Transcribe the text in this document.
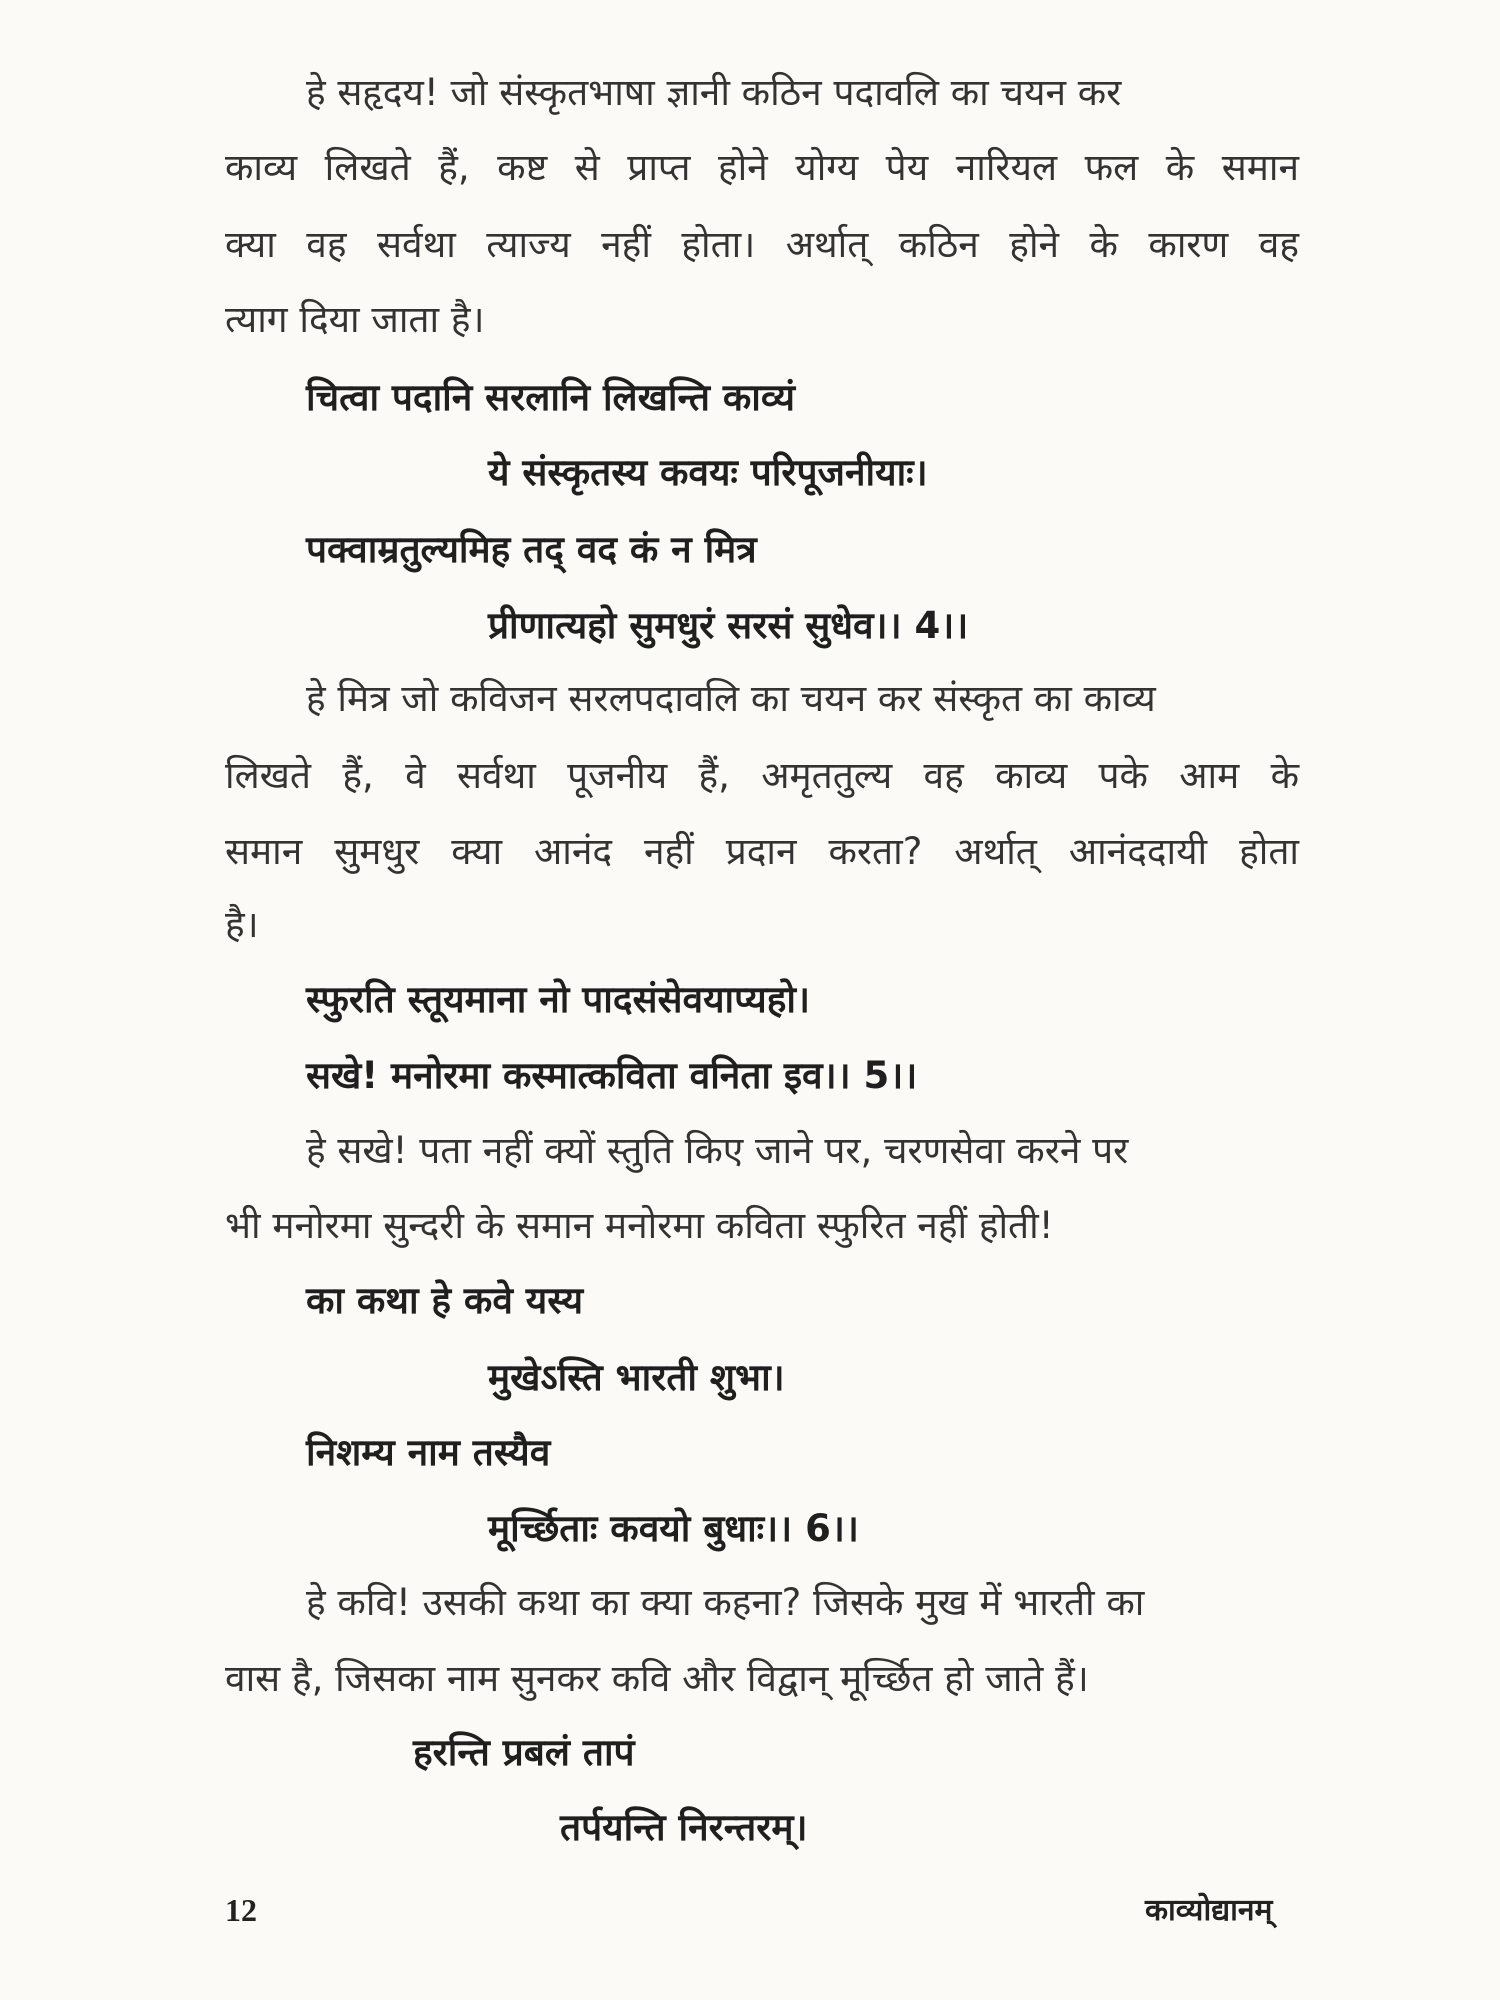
हे सहृदय! जो संस्कृतभाषा ज्ञानी कठिन पदावलि का चयन कर
काव्य लिखते हैं, कष्ट से प्राप्त होने योग्य पेय नारियल फल के समान
क्या वह सर्वथा त्याज्य नहीं होता। अर्थात् कठिन होने के कारण वह
त्याग दिया जाता है।
चित्वा पदानि सरलानि लिखन्ति काव्यं
ये संस्कृतस्य कवयः परिपूजनीयाः।
पक्वाम्रतुल्यमिह तद् वद कं न मित्र
प्रीणात्यहो सुमधुरं सरसं सुधेव।। 4।।
हे मित्र जो कविजन सरलपदावलि का चयन कर संस्कृत का काव्य
लिखते हैं, वे सर्वथा पूजनीय हैं, अमृततुल्य वह काव्य पके आम के
समान सुमधुर क्या आनंद नहीं प्रदान करता? अर्थात् आनंददायी होता
है।
स्फुरति स्तूयमाना नो पादसंसेवयाप्यहो।
सखे! मनोरमा कस्मात्कविता वनिता इव।। 5।।
हे सखे! पता नहीं क्यों स्तुति किए जाने पर, चरणसेवा करने पर
भी मनोरमा सुन्दरी के समान मनोरमा कविता स्फुरित नहीं होती!
का कथा हे कवे यस्य
मुखेऽस्ति भारती शुभा।
निशम्य नाम तस्यैव
मूर्च्छिताः कवयो बुधाः।। 6।।
हे कवि! उसकी कथा का क्या कहना? जिसके मुख में भारती का
वास है, जिसका नाम सुनकर कवि और विद्वान् मूर्च्छित हो जाते हैं।
हरन्ति प्रबलं तापं
तर्पयन्ति निरन्तरम्।
12	काव्योद्यानम्
